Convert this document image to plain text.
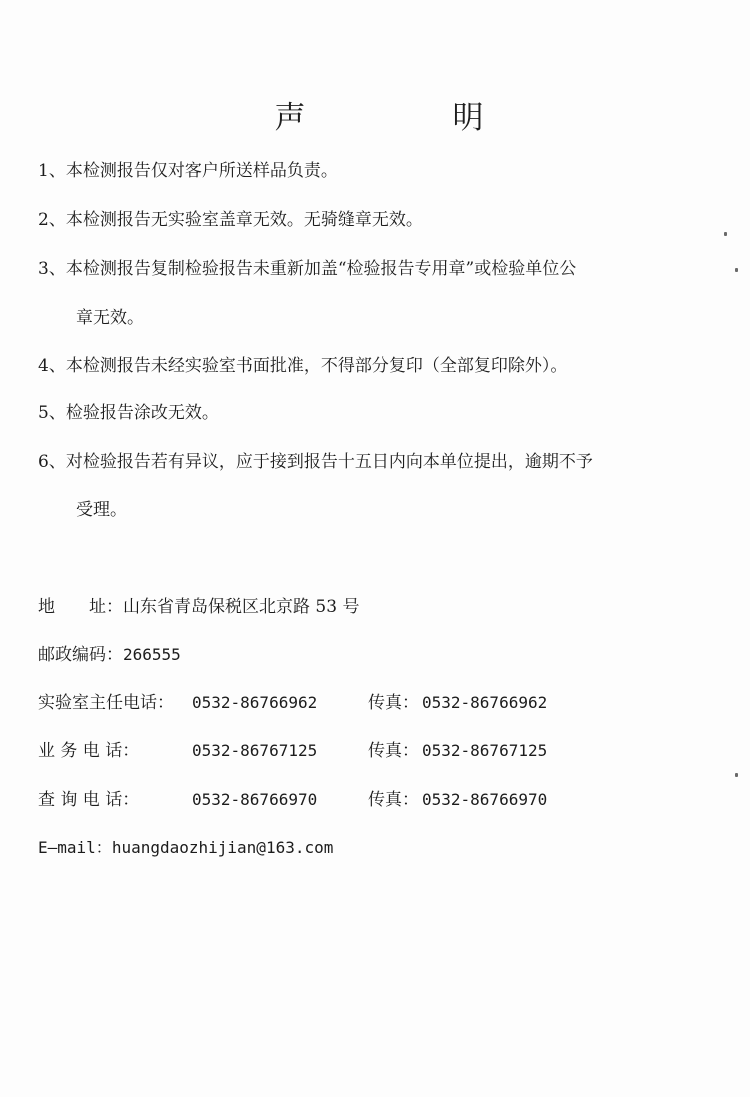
声　明
1、本检测报告仅对客户所送样品负责。
2、本检测报告无实验室盖章无效。无骑缝章无效。
3、本检测报告复制检验报告未重新加盖“检验报告专用章”或检验单位公
章无效。
4、本检测报告未经实验室书面批准，不得部分复印（全部复印除外）。
5、检验报告涂改无效。
6、对检验报告若有异议，应于接到报告十五日内向本单位提出，逾期不予
受理。
地　　址：山东省青岛保税区北京路 53 号
邮政编码：266555
实验室主任电话： 0532-86766962	传真： 0532-86766962
业 务 电 话：	0532-86767125	传真： 0532-86767125
查 询 电 话：	0532-86766970	传真： 0532-86766970
E—mail：huangdaozhijian@163.com
